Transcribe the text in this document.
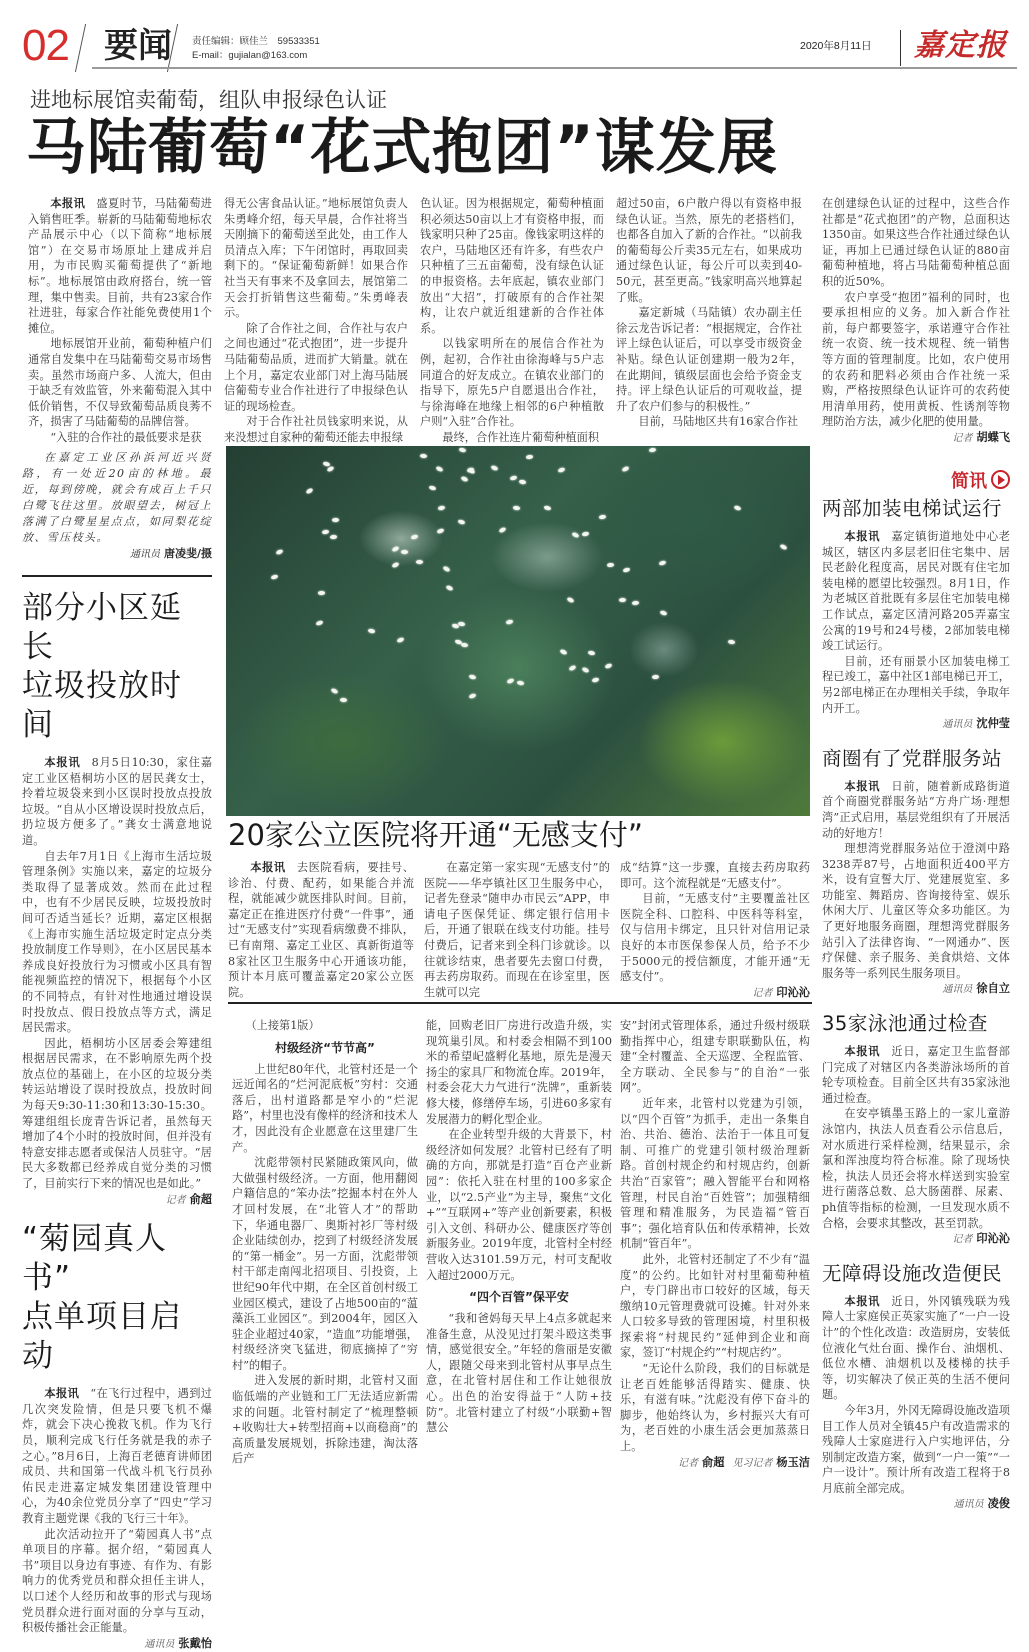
02 要闻 责任编辑：顾佳兰　59533351
E-mail：gujialan@163.com
2020年8月11日 嘉定报
进地标展馆卖葡萄，组队申报绿色认证
马陆葡萄“花式抱团”谋发展

本报讯 盛夏时节，马陆葡萄进入销售旺季。崭新的马陆葡萄地标农产品展示中心（以下简称“地标展馆”）在交易市场原址上建成并启用，为市民购买葡萄提供了“新地标”。地标展馆由政府搭台，统一管理，集中售卖。目前，共有23家合作社进驻，每家合作社能免费使用1个摊位。

地标展馆开业前，葡萄种植户们通常自发集中在马陆葡萄交易市场售卖。虽然市场商户多、人流大，但由于缺乏有效监管，外来葡萄混入其中低价销售，不仅导致葡萄品质良莠不齐，损害了马陆葡萄的品牌信誉。

“入驻的合作社的最低要求是获

得无公害食品认证。”地标展馆负责人朱勇峰介绍，每天早晨，合作社将当天刚摘下的葡萄送至此处，由工作人员清点入库；下午闭馆时，再取回卖剩下的。“保证葡萄新鲜！如果合作社当天有事来不及拿回去，展馆第二天会打折销售这些葡萄。”朱勇峰表示。

除了合作社之间，合作社与农户之间也通过“花式抱团”，进一步提升马陆葡萄品质，进而扩大销量。就在上个月，嘉定农业部门对上海马陆展信葡萄专业合作社进行了申报绿色认证的现场检查。

对于合作社社员钱家明来说，从来没想过自家种的葡萄还能去申报绿

色认证。因为根据规定，葡萄种植面积必须达50亩以上才有资格申报，而钱家明只种了25亩。像钱家明这样的农户，马陆地区还有许多，有些农户只种植了三五亩葡萄，没有绿色认证的申报资格。去年底起，镇农业部门放出“大招”，打破原有的合作社架构，让农户就近组建新的合作社体系。

以钱家明所在的展信合作社为例，起初，合作社由徐海峰与5户志同道合的好友成立。在镇农业部门的指导下，原先5户自愿退出合作社，与徐海峰在地缘上相邻的6户种植散户则“入驻”合作社。

最终，合作社连片葡萄种植面积

超过50亩，6户散户得以有资格申报绿色认证。当然，原先的老搭档们，也都各自加入了新的合作社。“以前我的葡萄每公斤卖35元左右，如果成功通过绿色认证，每公斤可以卖到40-50元，甚至更高。”钱家明高兴地算起了账。

嘉定新城（马陆镇）农办副主任徐云龙告诉记者：“根据规定，合作社评上绿色认证后，可以享受市级资金补贴。绿色认证创建期一般为2年，在此期间，镇级层面也会给予资金支持。评上绿色认证后的可观收益，提升了农户们参与的积极性。”

目前，马陆地区共有16家合作社

在创建绿色认证的过程中，这些合作社都是“花式抱团”的产物，总面积达1350亩。如果这些合作社通过绿色认证，再加上已通过绿色认证的880亩葡萄种植地，将占马陆葡萄种植总面积的近50%。

农户享受“抱团”福利的同时，也要承担相应的义务。加入新合作社前，每户都要签字，承诺遵守合作社统一农资、统一技术规程、统一销售等方面的管理制度。比如，农户使用的农药和肥料必须由合作社统一采购，严格按照绿色认证许可的农药使用清单用药，使用黄板、性诱剂等物理防治方法，减少化肥的使用量。

记者 胡蝶飞

在嘉定工业区孙浜河近兴贤路，有一处近20亩的林地。最近，每到傍晚，就会有成百上千只白鹭飞往这里。放眼望去，树冠上落满了白鹭星星点点，如同梨花绽放、雪压枝头。

通讯员 唐凌斐/摄

部分小区延长
垃圾投放时间

本报讯 8月5日10:30，家住嘉定工业区梧桐坊小区的居民龚女士，拎着垃圾袋来到小区误时投放点投放垃圾。“自从小区增设误时投放点后，扔垃圾方便多了。”龚女士满意地说道。

自去年7月1日《上海市生活垃圾管理条例》实施以来，嘉定的垃圾分类取得了显著成效。然而在此过程中，也有不少居民反映，垃圾投放时间可否适当延长？近期，嘉定区根据《上海市实施生活垃圾定时定点分类投放制度工作导则》，在小区居民基本养成良好投放行为习惯或小区具有智能视频监控的情况下，根据每个小区的不同特点，有针对性地通过增设误时投放点、假日投放点等方式，满足居民需求。

因此，梧桐坊小区居委会筹建组根据居民需求，在不影响原先两个投放点位的基础上，在小区的垃圾分类转运站增设了误时投放点，投放时间为每天9:30-11:30和13:30-15:30。筹建组组长庞青告诉记者，虽然每天增加了4个小时的投放时间，但并没有特意安排志愿者或保洁人员驻守。“居民大多数都已经养成自觉分类的习惯了，目前实行下来的情况也是如此。”

记者 俞超

“菊园真人书”
点单项目启动

本报讯 “在飞行过程中，遇到过几次突发险情，但是只要飞机不爆炸，就会下决心挽救飞机。作为飞行员，顺利完成飞行任务就是我的赤子之心。”8月6日，上海百老德育讲师团成员、共和国第一代战斗机飞行员孙佑民走进嘉定城发集团建设管理中心，为40余位党员分享了“四史”学习教育主题党课《我的飞行三十年》。

此次活动拉开了“菊园真人书”点单项目的序幕。据介绍，“菊园真人书”项目以身边有事迹、有作为、有影响力的优秀党员和群众担任主讲人，以口述个人经历和故事的形式与现场党员群众进行面对面的分享与互动，积极传播社会正能量。

通讯员 张戴怡

20家公立医院将开通“无感支付”

本报讯 去医院看病，要挂号、诊治、付费、配药，如果能合并流程，就能减少就医排队时间。目前，嘉定正在推进医疗付费“一件事”，通过“无感支付”实现看病缴费不排队，已有南翔、嘉定工业区、真新街道等8家社区卫生服务中心开通该功能，预计本月底可覆盖嘉定20家公立医院。

在嘉定第一家实现“无感支付”的医院——华亭镇社区卫生服务中心，记者先登录“随申办市民云”APP，申请电子医保凭证、绑定银行信用卡后，开通了银联在线支付功能。挂号付费后，记者来到全科门诊就诊。以往就诊结束，患者要先去窗口付费，再去药房取药。而现在在诊室里，医生就可以完

成“结算”这一步骤，直接去药房取药即可。这个流程就是“无感支付”。

目前，“无感支付”主要覆盖社区医院全科、口腔科、中医科等科室，仅与信用卡绑定，且只针对信用记录良好的本市医保参保人员，给予不少于5000元的授信额度，才能开通“无感支付”。

记者 印沁沁

（上接第1版）

村级经济“节节高”

上世纪80年代，北管村还是一个远近闻名的“烂河泥底板”穷村：交通落后，出村道路都是窄小的“烂泥路”，村里也没有像样的经济和技术人才，因此没有企业愿意在这里建厂生产。

沈彪带领村民紧随政策风向，做大做强村级经济。一方面，他用翻阅户籍信息的“笨办法”挖掘本村在外人才回村发展，在“北管人才”的帮助下，华通电器厂、奥斯衬衫厂等村级企业陆续创办，挖到了村级经济发展的“第一桶金”。另一方面，沈彪带领村干部走南闯北招项目、引投资，上世纪90年代中期，在全区首创村级工业园区模式，建设了占地500亩的“蕰藻浜工业园区”。到2004年，园区入驻企业超过40家，“造血”功能增强，村级经济突飞猛进，彻底摘掉了“穷村”的帽子。

进入发展的新时期，北管村又面临低端的产业链和工厂无法适应新需求的问题。北管村制定了“梳理整顿+收购壮大+转型招商+以商稳商”的高质量发展规划，拆除违建，淘汰落后产

能，回购老旧厂房进行改造升级，实现筑巢引凤。和村委会相隔不到100米的希望屺盛孵化基地，原先是漫天扬尘的家具厂和物流仓库。2019年，村委会花大力气进行“洗牌”，重新装修大楼，修缮停车场，引进60多家有发展潜力的孵化型企业。

在企业转型升级的大背景下，村级经济如何发展？北管村已经有了明确的方向，那就是打造“百仓产业新园”：依托入驻在村里的100多家企业，以“2.5产业”为主导，聚焦“文化+”“互联网+”等产业创新要素，积极引入文创、科研办公、健康医疗等创新服务业。2019年度，北管村全村经营收入达3101.59万元，村可支配收入超过2000万元。

“四个百管”保平安

“我和爸妈每天早上4点多就起来准备生意，从没见过打架斗殴这类事情，感觉很安全。”年轻的詹丽是安徽人，跟随父母来到北管村从事早点生意，在北管村居住和工作让她很放心。出色的治安得益于“人防+技防”。北管村建立了村级“小联勤+智慧公

安”封闭式管理体系，通过升级村级联勤指挥中心，组建专职联勤队伍，构建“全村覆盖、全天巡逻、全程监管、全方联动、全民参与”的自治“一张网”。

近年来，北管村以党建为引领，以“四个百管”为抓手，走出一条集自治、共治、德治、法治于一体且可复制、可推广的党建引领村级治理新路。首创村规企约和村规店约，创新共治“百家管”；融入智能平台和网格管理，村民自治“百姓管”；加强精细管理和精准服务，为民造福“管百事”；强化培育队伍和传承精神，长效机制“管百年”。

此外，北管村还制定了不少有“温度”的公约。比如针对村里葡萄种植户，专门辟出市口较好的区域，每天缴纳10元管理费就可设摊。针对外来人口较多导致的管理困境，村里积极探索将“村规民约”延伸到企业和商家，签订“村规企约”“村规店约”。

“无论什么阶段，我们的目标就是让老百姓能够活得踏实、健康、快乐，有滋有味。”沈彪没有停下奋斗的脚步，他始终认为，乡村振兴大有可为，老百姓的小康生活会更加蒸蒸日上。

记者 俞超 见习记者 杨玉洁

简讯
两部加装电梯试运行

本报讯 嘉定镇街道地处中心老城区，辖区内多层老旧住宅集中、居民老龄化程度高，居民对既有住宅加装电梯的愿望比较强烈。8月1日，作为老城区首批既有多层住宅加装电梯工作试点，嘉定区清河路205弄嘉宝公寓的19号和24号楼，2部加装电梯竣工试运行。

目前，还有丽景小区加装电梯工程已竣工，嘉中社区1部电梯已开工，另2部电梯正在办理相关手续，争取年内开工。

通讯员 沈仲莹

商圈有了党群服务站

本报讯 日前，随着新成路街道首个商圈党群服务站“方舟广场·理想湾”正式启用，基层党组织有了开展活动的好地方！

理想湾党群服务站位于澄浏中路3238弄87号，占地面积近400平方米，设有宣誓大厅、党建展览室、多功能室、舞蹈房、咨询接待室、娱乐休闲大厅、儿童区等众多功能区。为了更好地服务商圈，理想湾党群服务站引入了法律咨询、“一网通办”、医疗保健、亲子服务、美食烘焙、文体服务等一系列民生服务项目。

通讯员 徐自立

35家泳池通过检查

本报讯 近日，嘉定卫生监督部门完成了对辖区内各类游泳场所的首轮专项检查。目前全区共有35家泳池通过检查。

在安亭镇墨玉路上的一家儿童游泳馆内，执法人员查看公示信息后，对水质进行采样检测，结果显示，余氯和浑浊度均符合标准。除了现场快检，执法人员还会将水样送到实验室进行菌落总数、总大肠菌群、尿素、ph值等指标的检测，一旦发现水质不合格，会要求其整改，甚至罚款。

记者 印沁沁

无障碍设施改造便民

本报讯 近日，外冈镇残联为残障人士家庭侯正英家实施了“一户一设计”的个性化改造：改造厨房，安装低位液化气灶台面、操作台、油烟机、低位水槽、油烟机以及楼梯的扶手等，切实解决了侯正英的生活不便问题。

今年3月，外冈无障碍设施改造项目工作人员对全镇45户有改造需求的残障人士家庭进行入户实地评估，分别制定改造方案，做到“一户一策”“一户一设计”。预计所有改造工程将于8月底前全部完成。

通讯员 凌俊
